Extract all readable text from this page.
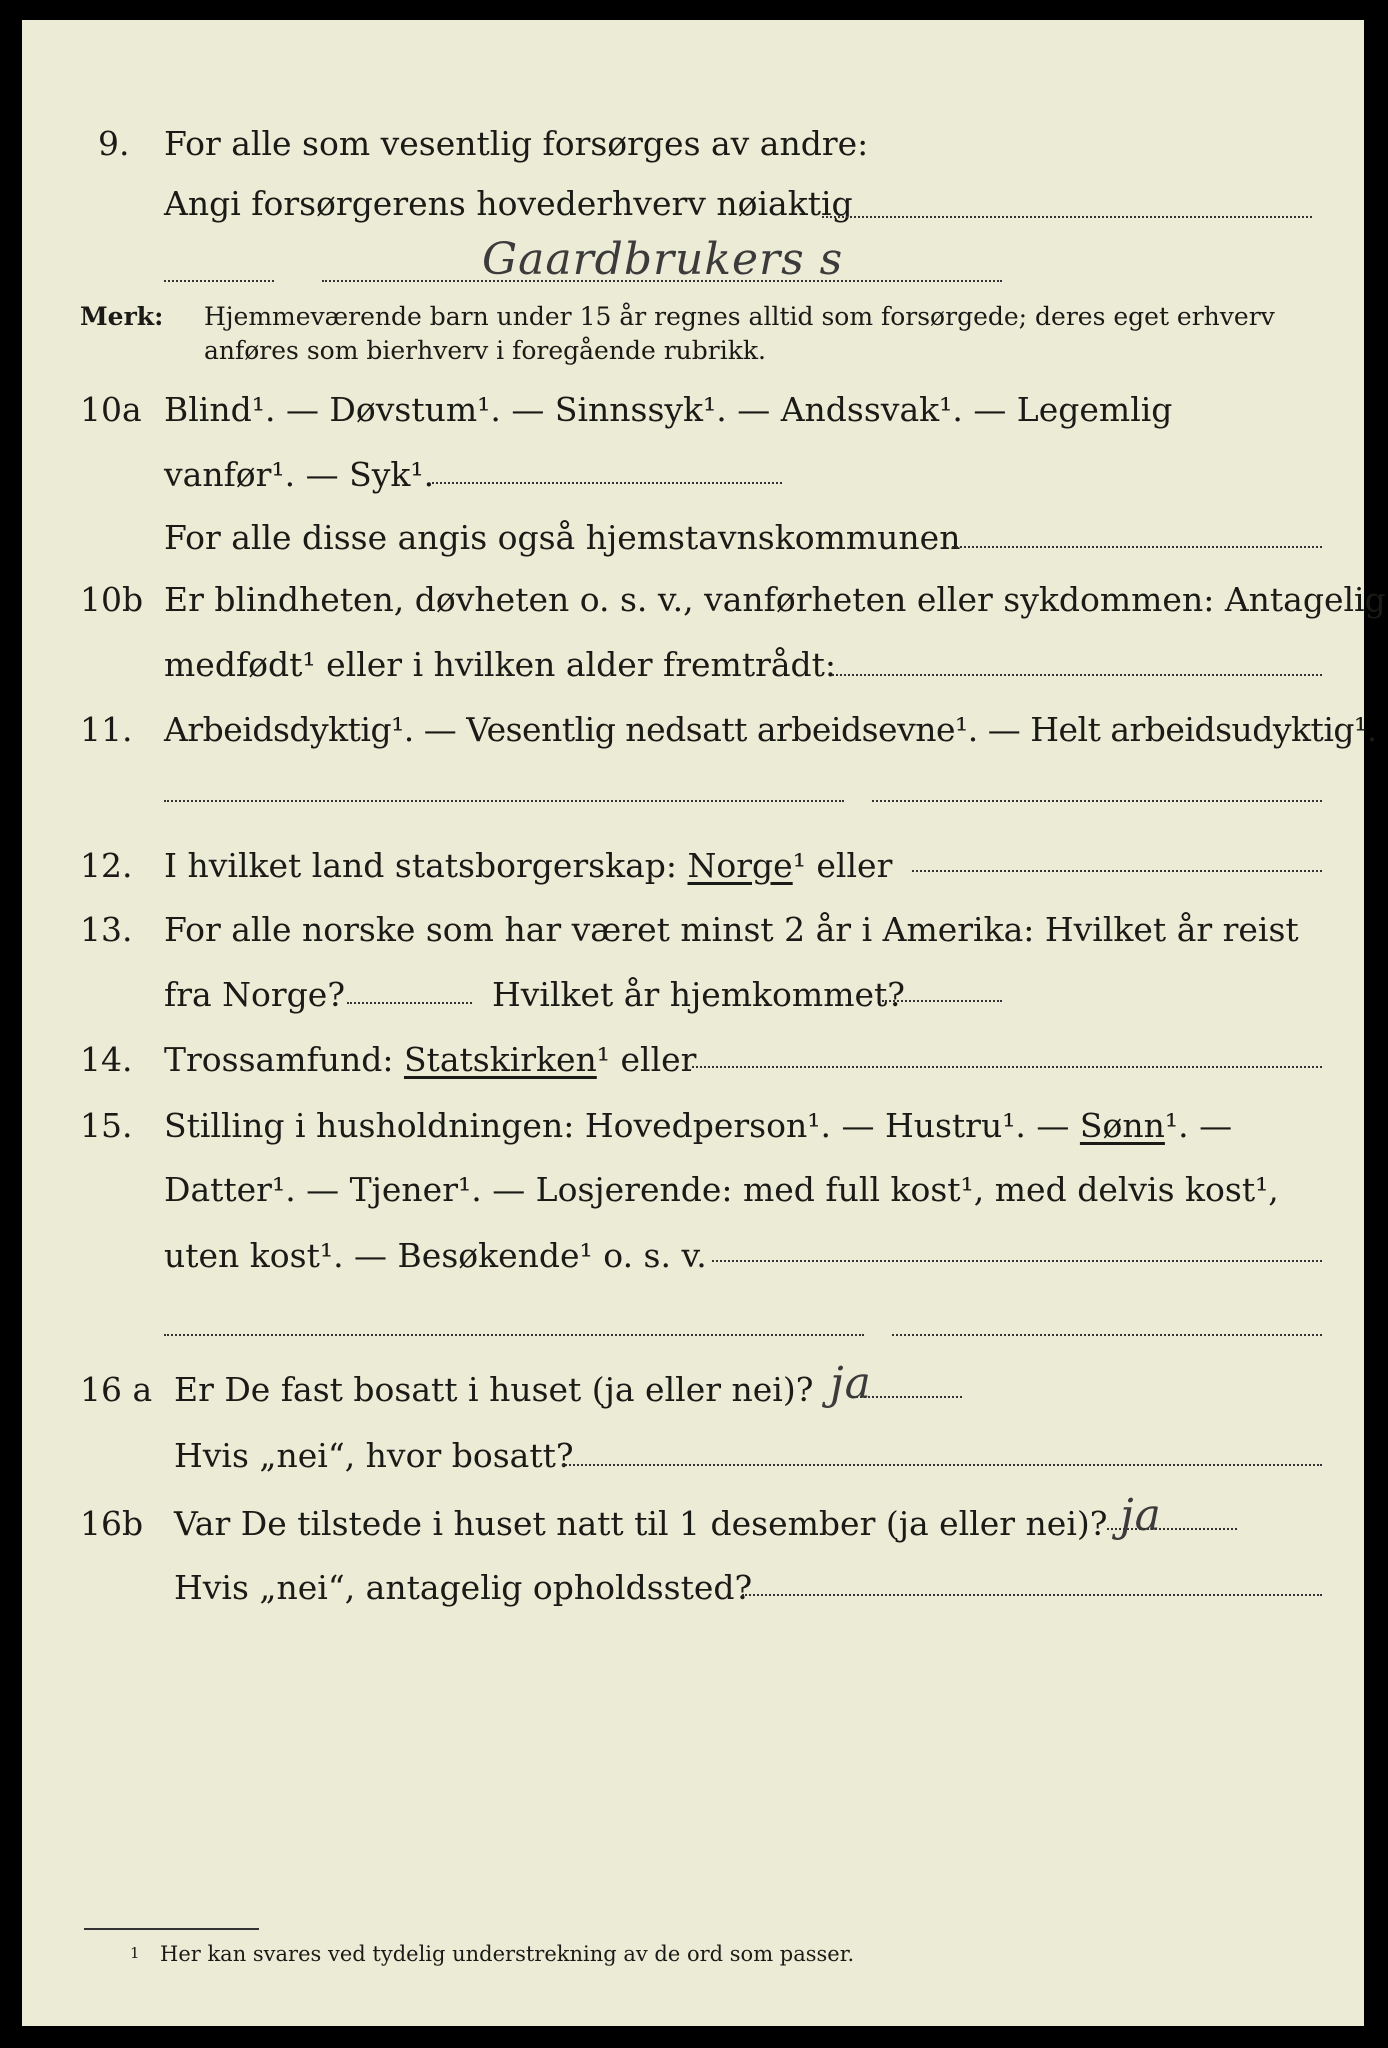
9. For alle som vesentlig forsørges av andre:
Angi forsørgerens hovederhverv nøiaktig
Gaardbrukers s
Merk: Hjemmeværende barn under 15 år regnes alltid som forsørgede; deres eget erhverv
anføres som bierhverv i foregående rubrikk.
10a Blind¹. — Døvstum¹. — Sinnssyk¹. — Andssvak¹. — Legemlig
vanfør¹. — Syk¹.
For alle disse angis også hjemstavnskommunen
10b Er blindheten, døvheten o. s. v., vanførheten eller sykdommen: Antagelig
medfødt¹ eller i hvilken alder fremtrådt:
11. Arbeidsdyktig¹. — Vesentlig nedsatt arbeidsevne¹. — Helt arbeidsudyktig¹.
12. I hvilket land statsborgerskap: Norge¹ eller
13. For alle norske som har været minst 2 år i Amerika: Hvilket år reist
fra Norge?	Hvilket år hjemkommet?
14. Trossamfund: Statskirken¹ eller
15. Stilling i husholdningen: Hovedperson¹. — Hustru¹. — Sønn¹. —
Datter¹. — Tjener¹. — Losjerende: med full kost¹, med delvis kost¹,
uten kost¹. — Besøkende¹ o. s. v.
16 a Er De fast bosatt i huset (ja eller nei)? ja
Hvis „nei“, hvor bosatt?
16b Var De tilstede i huset natt til 1 desember (ja eller nei)? ja
Hvis „nei“, antagelig opholdssted?
1 Her kan svares ved tydelig understrekning av de ord som passer.
